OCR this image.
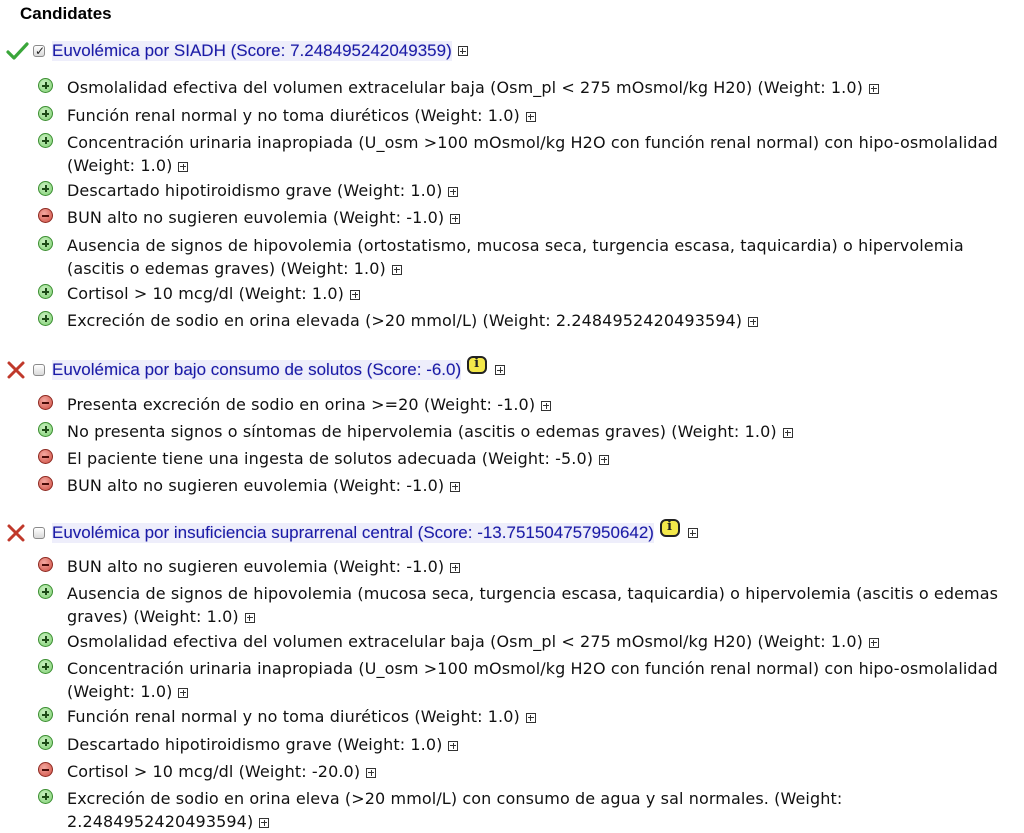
Candidates
✓ Euvolémica por SIADH (Score: 7.248495242049359)
Osmolalidad efectiva del volumen extracelular baja (Osm_pl < 275 mOsmol/kg H20) (Weight: 1.0)
Función renal normal y no toma diuréticos (Weight: 1.0)
Concentración urinaria inapropiada (U_osm >100 mOsmol/kg H2O con función renal normal) con hipo-osmolalidad (Weight: 1.0)
Descartado hipotiroidismo grave (Weight: 1.0)
BUN alto no sugieren euvolemia (Weight: -1.0)
Ausencia de signos de hipovolemia (ortostatismo, mucosa seca, turgencia escasa, taquicardia) o hipervolemia (ascitis o edemas graves) (Weight: 1.0)
Cortisol > 10 mcg/dl (Weight: 1.0)
Excreción de sodio en orina elevada (>20 mmol/L) (Weight: 2.2484952420493594)
Euvolémica por bajo consumo de solutos (Score: -6.0) i
Presenta excreción de sodio en orina >=20 (Weight: -1.0)
No presenta signos o síntomas de hipervolemia (ascitis o edemas graves) (Weight: 1.0)
El paciente tiene una ingesta de solutos adecuada (Weight: -5.0)
BUN alto no sugieren euvolemia (Weight: -1.0)
Euvolémica por insuficiencia suprarrenal central (Score: -13.751504757950642) i
BUN alto no sugieren euvolemia (Weight: -1.0)
Ausencia de signos de hipovolemia (mucosa seca, turgencia escasa, taquicardia) o hipervolemia (ascitis o edemas graves) (Weight: 1.0)
Osmolalidad efectiva del volumen extracelular baja (Osm_pl < 275 mOsmol/kg H20) (Weight: 1.0)
Concentración urinaria inapropiada (U_osm >100 mOsmol/kg H2O con función renal normal) con hipo-osmolalidad (Weight: 1.0)
Función renal normal y no toma diuréticos (Weight: 1.0)
Descartado hipotiroidismo grave (Weight: 1.0)
Cortisol > 10 mcg/dl (Weight: -20.0)
Excreción de sodio en orina eleva (>20 mmol/L) con consumo de agua y sal normales. (Weight: 2.2484952420493594)
